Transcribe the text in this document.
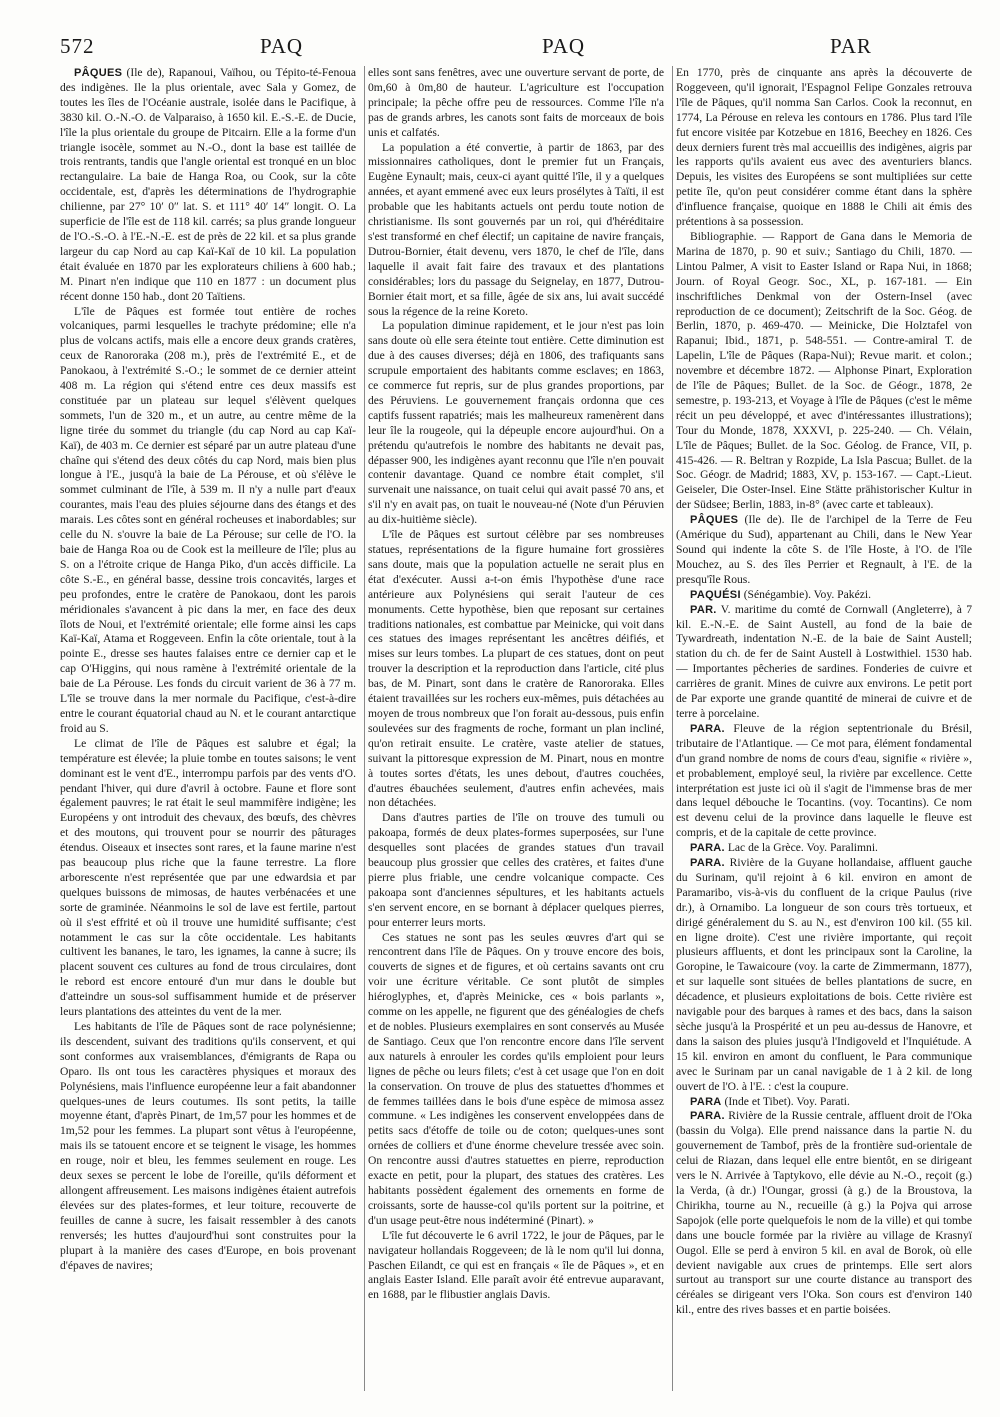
572	PAQ	PAQ	PAR

PÂQUES (Ile de), Rapanoui, Vaïhou, ou Tépito-té-Fenoua des indigènes. Ile la plus orientale, avec Sala y Gomez, de toutes les îles de l'Océanie australe, isolée dans le Pacifique, à 3830 kil. O.-N.-O. de Valparaiso, à 1650 kil. E.-S.-E. de Ducie, l'île la plus orientale du groupe de Pitcairn. Elle a la forme d'un triangle isocèle, sommet au N.-O., dont la base est taillée de trois rentrants, tandis que l'angle oriental est tronqué en un bloc rectangulaire. La baie de Hanga Roa, ou Cook, sur la côte occidentale, est, d'après les déterminations de l'hydrographie chilienne, par 27° 10′ 0″ lat. S. et 111° 40′ 14″ longit. O. La superficie de l'île est de 118 kil. carrés; sa plus grande longueur de l'O.-S.-O. à l'E.-N.-E. est de près de 22 kil. et sa plus grande largeur du cap Nord au cap Kaï-Kaï de 10 kil. La population était évaluée en 1870 par les explorateurs chiliens à 600 hab.; M. Pinart n'en indique que 110 en 1877 : un document plus récent donne 150 hab., dont 20 Taïtiens.

L'île de Pâques est formée tout entière de roches volcaniques, parmi lesquelles le trachyte prédomine; elle n'a plus de volcans actifs, mais elle a encore deux grands cratères, ceux de Ranororaka (208 m.), près de l'extrémité E., et de Panokaou, à l'extrémité S.-O.; le sommet de ce dernier atteint 408 m. La région qui s'étend entre ces deux massifs est constituée par un plateau sur lequel s'élèvent quelques sommets, l'un de 320 m., et un autre, au centre même de la ligne tirée du sommet du triangle (du cap Nord au cap Kaï-Kaï), de 403 m. Ce dernier est séparé par un autre plateau d'une chaîne qui s'étend des deux côtés du cap Nord, mais bien plus longue à l'E., jusqu'à la baie de La Pérouse, et où s'élève le sommet culminant de l'île, à 539 m. Il n'y a nulle part d'eaux courantes, mais l'eau des pluies séjourne dans des étangs et des marais. Les côtes sont en général rocheuses et inabordables; sur celle du N. s'ouvre la baie de La Pérouse; sur celle de l'O. la baie de Hanga Roa ou de Cook est la meilleure de l'île; plus au S. on a l'étroite crique de Hanga Piko, d'un accès difficile. La côte S.-E., en général basse, dessine trois concavités, larges et peu profondes, entre le cratère de Panokaou, dont les parois méridionales s'avancent à pic dans la mer, en face des deux îlots de Noui, et l'extrémité orientale; elle forme ainsi les caps Kaï-Kaï, Atama et Roggeveen. Enfin la côte orientale, tout à la pointe E., dresse ses hautes falaises entre ce dernier cap et le cap O'Higgins, qui nous ramène à l'extrémité orientale de la baie de La Pérouse. Les fonds du circuit varient de 36 à 77 m. L'île se trouve dans la mer normale du Pacifique, c'est-à-dire entre le courant équatorial chaud au N. et le courant antarctique froid au S.

Le climat de l'île de Pâques est salubre et égal; la température est élevée; la pluie tombe en toutes saisons; le vent dominant est le vent d'E., interrompu parfois par des vents d'O. pendant l'hiver, qui dure d'avril à octobre. Faune et flore sont également pauvres; le rat était le seul mammifère indigène; les Européens y ont introduit des chevaux, des bœufs, des chèvres et des moutons, qui trouvent pour se nourrir des pâturages étendus. Oiseaux et insectes sont rares, et la faune marine n'est pas beaucoup plus riche que la faune terrestre. La flore arborescente n'est représentée que par une edwardsia et par quelques buissons de mimosas, de hautes verbénacées et une sorte de graminée. Néanmoins le sol de lave est fertile, partout où il s'est effrité et où il trouve une humidité suffisante; c'est notamment le cas sur la côte occidentale. Les habitants cultivent les bananes, le taro, les ignames, la canne à sucre; ils placent souvent ces cultures au fond de trous circulaires, dont le rebord est encore entouré d'un mur dans le double but d'atteindre un sous-sol suffisamment humide et de préserver leurs plantations des atteintes du vent de la mer.

Les habitants de l'île de Pâques sont de race polynésienne; ils descendent, suivant des traditions qu'ils conservent, et qui sont conformes aux vraisemblances, d'émigrants de Rapa ou Oparo. Ils ont tous les caractères physiques et moraux des Polynésiens, mais l'influence européenne leur a fait abandonner quelques-unes de leurs coutumes. Ils sont petits, la taille moyenne étant, d'après Pinart, de 1m,57 pour les hommes et de 1m,52 pour les femmes. La plupart sont vêtus à l'européenne, mais ils se tatouent encore et se teignent le visage, les hommes en rouge, noir et bleu, les femmes seulement en rouge. Les deux sexes se percent le lobe de l'oreille, qu'ils déforment et allongent affreusement. Les maisons indigènes étaient autrefois élevées sur des plates-formes, et leur toiture, recouverte de feuilles de canne à sucre, les faisait ressembler à des canots renversés; les huttes d'aujourd'hui sont construites pour la plupart à la manière des cases d'Europe, en bois provenant d'épaves de navires;

elles sont sans fenêtres, avec une ouverture servant de porte, de 0m,60 à 0m,80 de hauteur. L'agriculture est l'occupation principale; la pêche offre peu de ressources. Comme l'île n'a pas de grands arbres, les canots sont faits de morceaux de bois unis et calfatés.

La population a été convertie, à partir de 1863, par des missionnaires catholiques, dont le premier fut un Français, Eugène Eynault; mais, ceux-ci ayant quitté l'île, il y a quelques années, et ayant emmené avec eux leurs prosélytes à Taïti, il est probable que les habitants actuels ont perdu toute notion de christianisme. Ils sont gouvernés par un roi, qui d'héréditaire s'est transformé en chef électif; un capitaine de navire français, Dutrou-Bornier, était devenu, vers 1870, le chef de l'île, dans laquelle il avait fait faire des travaux et des plantations considérables; lors du passage du Seignelay, en 1877, Dutrou-Bornier était mort, et sa fille, âgée de six ans, lui avait succédé sous la régence de la reine Koreto.

La population diminue rapidement, et le jour n'est pas loin sans doute où elle sera éteinte tout entière. Cette diminution est due à des causes diverses; déjà en 1806, des trafiquants sans scrupule emportaient des habitants comme esclaves; en 1863, ce commerce fut repris, sur de plus grandes proportions, par des Péruviens. Le gouvernement français ordonna que ces captifs fussent rapatriés; mais les malheureux ramenèrent dans leur île la rougeole, qui la dépeuple encore aujourd'hui. On a prétendu qu'autrefois le nombre des habitants ne devait pas, dépasser 900, les indigènes ayant reconnu que l'île n'en pouvait contenir davantage. Quand ce nombre était complet, s'il survenait une naissance, on tuait celui qui avait passé 70 ans, et s'il n'y en avait pas, on tuait le nouveau-né (Note d'un Péruvien au dix-huitième siècle).

L'île de Pâques est surtout célèbre par ses nombreuses statues, représentations de la figure humaine fort grossières sans doute, mais que la population actuelle ne serait plus en état d'exécuter. Aussi a-t-on émis l'hypothèse d'une race antérieure aux Polynésiens qui serait l'auteur de ces monuments. Cette hypothèse, bien que reposant sur certaines traditions nationales, est combattue par Meinicke, qui voit dans ces statues des images représentant les ancêtres déifiés, et mises sur leurs tombes. La plupart de ces statues, dont on peut trouver la description et la reproduction dans l'article, cité plus bas, de M. Pinart, sont dans le cratère de Ranororaka. Elles étaient travaillées sur les rochers eux-mêmes, puis détachées au moyen de trous nombreux que l'on forait au-dessous, puis enfin soulevées sur des fragments de roche, formant un plan incliné, qu'on retirait ensuite. Le cratère, vaste atelier de statues, suivant la pittoresque expression de M. Pinart, nous en montre à toutes sortes d'états, les unes debout, d'autres couchées, d'autres ébauchées seulement, d'autres enfin achevées, mais non détachées.

Dans d'autres parties de l'île on trouve des tumuli ou pakoapa, formés de deux plates-formes superposées, sur l'une desquelles sont placées de grandes statues d'un travail beaucoup plus grossier que celles des cratères, et faites d'une pierre plus friable, une cendre volcanique compacte. Ces pakoapa sont d'anciennes sépultures, et les habitants actuels s'en servent encore, en se bornant à déplacer quelques pierres, pour enterrer leurs morts.

Ces statues ne sont pas les seules œuvres d'art qui se rencontrent dans l'île de Pâques. On y trouve encore des bois, couverts de signes et de figures, et où certains savants ont cru voir une écriture véritable. Ce sont plutôt de simples hiéroglyphes, et, d'après Meinicke, ces « bois parlants », comme on les appelle, ne figurent que des généalogies de chefs et de nobles. Plusieurs exemplaires en sont conservés au Musée de Santiago. Ceux que l'on rencontre encore dans l'île servent aux naturels à enrouler les cordes qu'ils emploient pour leurs lignes de pêche ou leurs filets; c'est à cet usage que l'on en doit la conservation. On trouve de plus des statuettes d'hommes et de femmes taillées dans le bois d'une espèce de mimosa assez commune. « Les indigènes les conservent enveloppées dans de petits sacs d'étoffe de toile ou de coton; quelques-unes sont ornées de colliers et d'une énorme chevelure tressée avec soin. On rencontre aussi d'autres statuettes en pierre, reproduction exacte en petit, pour la plupart, des statues des cratères. Les habitants possèdent également des ornements en forme de croissants, sorte de hausse-col qu'ils portent sur la poitrine, et d'un usage peut-être nous indéterminé (Pinart). »

L'île fut découverte le 6 avril 1722, le jour de Pâques, par le navigateur hollandais Roggeveen; de là le nom qu'il lui donna, Paschen Eilandt, ce qui est en français « île de Pâques », et en anglais Easter Island. Elle paraît avoir été entrevue auparavant, en 1688, par le flibustier anglais Davis.

En 1770, près de cinquante ans après la découverte de Roggeveen, qu'il ignorait, l'Espagnol Felipe Gonzales retrouva l'île de Pâques, qu'il nomma San Carlos. Cook la reconnut, en 1774, La Pérouse en releva les contours en 1786. Plus tard l'île fut encore visitée par Kotzebue en 1816, Beechey en 1826. Ces deux derniers furent très mal accueillis des indigènes, aigris par les rapports qu'ils avaient eus avec des aventuriers blancs. Depuis, les visites des Européens se sont multipliées sur cette petite île, qu'on peut considérer comme étant dans la sphère d'influence française, quoique en 1888 le Chili ait émis des prétentions à sa possession.

Bibliographie. — Rapport de Gana dans le Memoria de Marina de 1870, p. 90 et suiv.; Santiago du Chili, 1870. — Lintou Palmer, A visit to Easter Island or Rapa Nui, in 1868; Journ. of Royal Geogr. Soc., XL, p. 167-181. — Ein inschriftliches Denkmal von der Ostern-Insel (avec reproduction de ce document); Zeitschrift de la Soc. Géog. de Berlin, 1870, p. 469-470. — Meinicke, Die Holztafel von Rapanui; Ibid., 1871, p. 548-551. — Contre-amiral T. de Lapelin, L'île de Pâques (Rapa-Nui); Revue marit. et colon.; novembre et décembre 1872. — Alphonse Pinart, Exploration de l'île de Pâques; Bullet. de la Soc. de Géogr., 1878, 2e semestre, p. 193-213, et Voyage à l'île de Pâques (c'est le même récit un peu développé, et avec d'intéressantes illustrations); Tour du Monde, 1878, XXXVI, p. 225-240. — Ch. Vélain, L'île de Pâques; Bullet. de la Soc. Géolog. de France, VII, p. 415-426. — R. Beltran y Rozpide, La Isla Pascua; Bullet. de la Soc. Géogr. de Madrid; 1883, XV, p. 153-167. — Capt.-Lieut. Geiseler, Die Oster-Insel. Eine Stätte prähistorischer Kultur in der Südsee; Berlin, 1883, in-8° (avec carte et tableaux).

PÂQUES (Ile de). Ile de l'archipel de la Terre de Feu (Amérique du Sud), appartenant au Chili, dans le New Year Sound qui indente la côte S. de l'île Hoste, à l'O. de l'île Mouchez, au S. des îles Perrier et Regnault, à l'E. de la presqu'île Rous.

PAQUÉSI (Sénégambie). Voy. Pakézi.

PAR. V. maritime du comté de Cornwall (Angleterre), à 7 kil. E.-N.-E. de Saint Austell, au fond de la baie de Tywardreath, indentation N.-E. de la baie de Saint Austell; station du ch. de fer de Saint Austell à Lostwithiel. 1530 hab. — Importantes pêcheries de sardines. Fonderies de cuivre et carrières de granit. Mines de cuivre aux environs. Le petit port de Par exporte une grande quantité de minerai de cuivre et de terre à porcelaine.

PARA. Fleuve de la région septentrionale du Brésil, tributaire de l'Atlantique. — Ce mot para, élément fondamental d'un grand nombre de noms de cours d'eau, signifie « rivière », et probablement, employé seul, la rivière par excellence. Cette interprétation est juste ici où il s'agit de l'immense bras de mer dans lequel débouche le Tocantins. (voy. Tocantins). Ce nom est devenu celui de la province dans laquelle le fleuve est compris, et de la capitale de cette province.

PARA. Lac de la Grèce. Voy. Paralimni.

PARA. Rivière de la Guyane hollandaise, affluent gauche du Surinam, qu'il rejoint à 6 kil. environ en amont de Paramaribo, vis-à-vis du confluent de la crique Paulus (rive dr.), à Ornamibo. La longueur de son cours très tortueux, et dirigé généralement du S. au N., est d'environ 100 kil. (55 kil. en ligne droite). C'est une rivière importante, qui reçoit plusieurs affluents, et dont les principaux sont la Caroline, la Goropine, le Tawaicoure (voy. la carte de Zimmermann, 1877), et sur laquelle sont situées de belles plantations de sucre, en décadence, et plusieurs exploitations de bois. Cette rivière est navigable pour des barques à rames et des bacs, dans la saison sèche jusqu'à la Prospérité et un peu au-dessus de Hanovre, et dans la saison des pluies jusqu'à l'Indigoveld et l'Inquiétude. A 15 kil. environ en amont du confluent, le Para communique avec le Surinam par un canal navigable de 1 à 2 kil. de long ouvert de l'O. à l'E. : c'est la coupure.

PARA (Inde et Tibet). Voy. Parati.

PARA. Rivière de la Russie centrale, affluent droit de l'Oka (bassin du Volga). Elle prend naissance dans la partie N. du gouvernement de Tambof, près de la frontière sud-orientale de celui de Riazan, dans lequel elle entre bientôt, en se dirigeant vers le N. Arrivée à Taptykovo, elle dévie au N.-O., reçoit (g.) la Verda, (à dr.) l'Oungar, grossi (à g.) de la Broustova, la Chirikha, tourne au N., recueille (à g.) la Pojva qui arrose Sapojok (elle porte quelquefois le nom de la ville) et qui tombe dans une boucle formée par la rivière au village de Krasnyï Ougol. Elle se perd à environ 5 kil. en aval de Borok, où elle devient navigable aux crues de printemps. Elle sert alors surtout au transport sur une courte distance au transport des céréales se dirigeant vers l'Oka. Son cours est d'environ 140 kil., entre des rives basses et en partie boisées.
